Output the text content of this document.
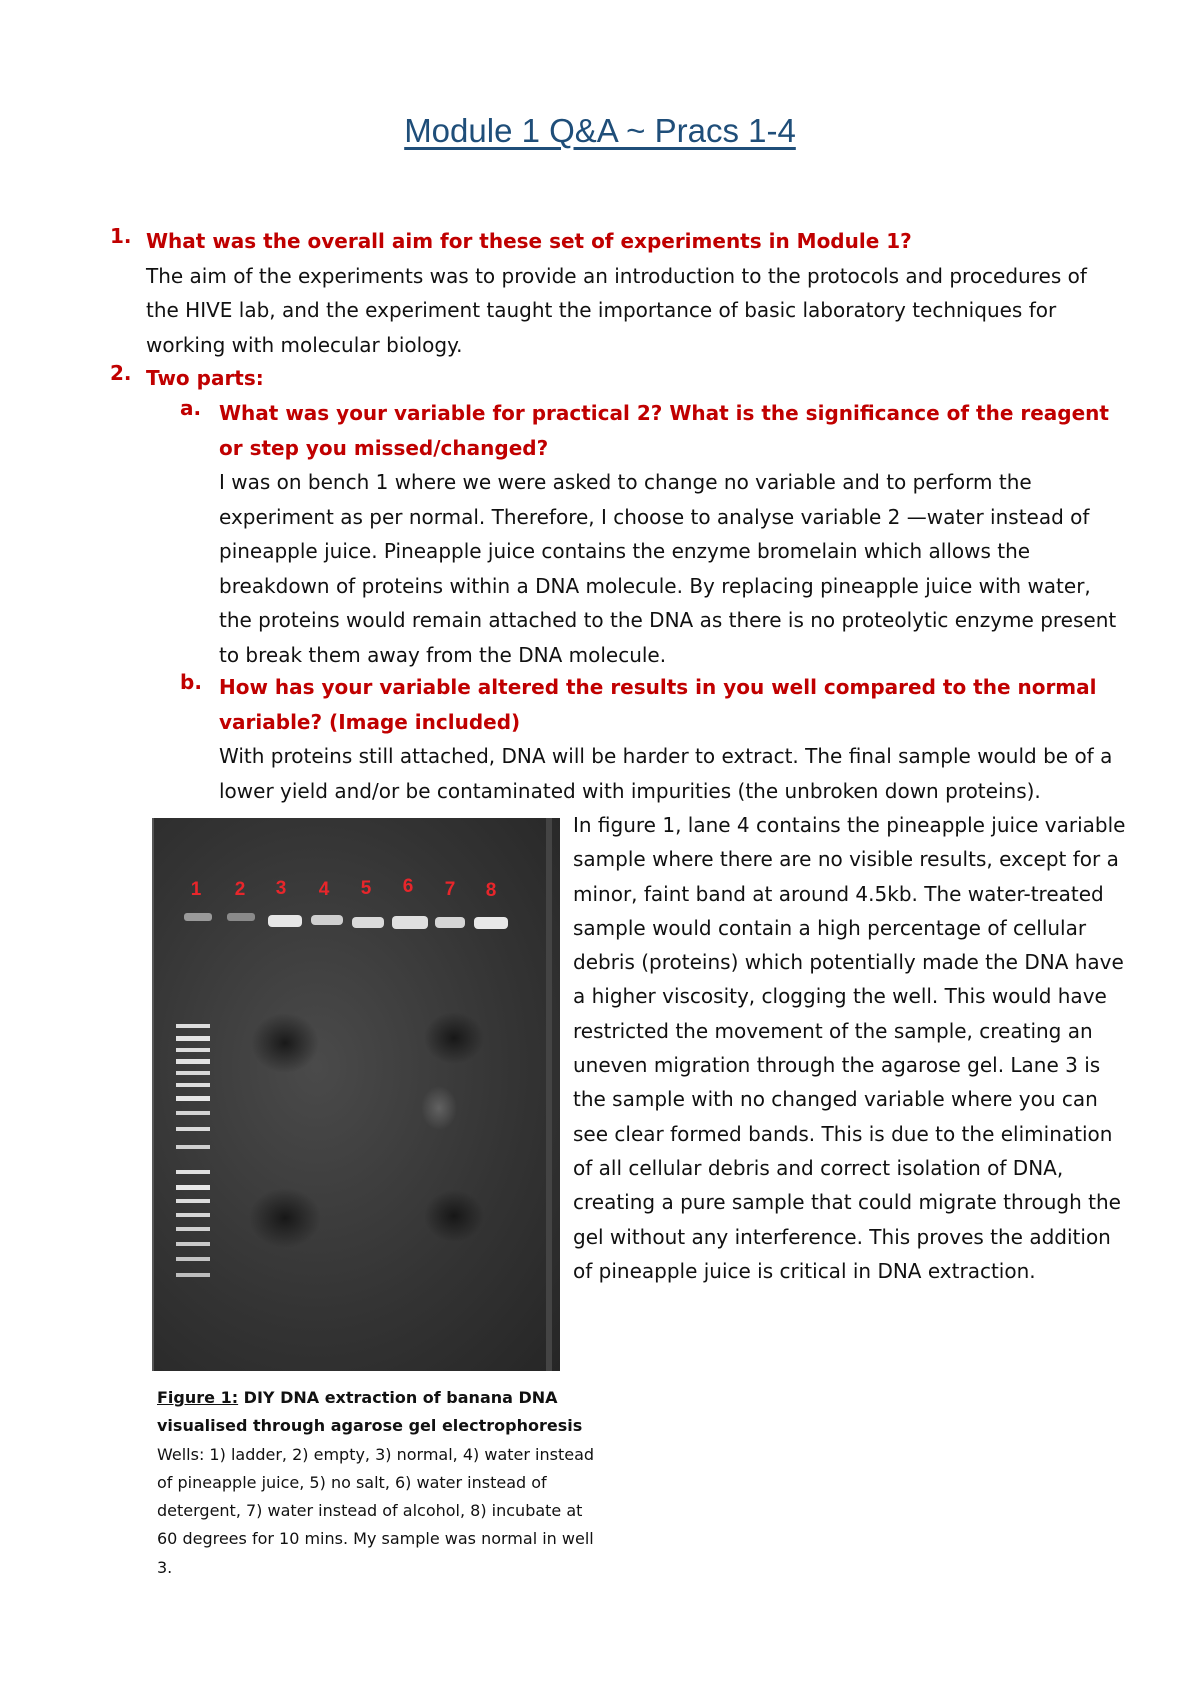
Module 1 Q&A ~ Pracs 1-4
1. What was the overall aim for these set of experiments in Module 1?
The aim of the experiments was to provide an introduction to the protocols and procedures of the HIVE lab, and the experiment taught the importance of basic laboratory techniques for working with molecular biology.
2. Two parts:
a. What was your variable for practical 2? What is the significance of the reagent or step you missed/changed?
I was on bench 1 where we were asked to change no variable and to perform the experiment as per normal. Therefore, I choose to analyse variable 2 —water instead of pineapple juice. Pineapple juice contains the enzyme bromelain which allows the breakdown of proteins within a DNA molecule. By replacing pineapple juice with water, the proteins would remain attached to the DNA as there is no proteolytic enzyme present to break them away from the DNA molecule.
b. How has your variable altered the results in you well compared to the normal variable? (Image included)
With proteins still attached, DNA will be harder to extract. The final sample would be of a lower yield and/or be contaminated with impurities (the unbroken down proteins).
1 2 3 4 5 6 7 8
In figure 1, lane 4 contains the pineapple juice variable sample where there are no visible results, except for a minor, faint band at around 4.5kb. The water-treated sample would contain a high percentage of cellular debris (proteins) which potentially made the DNA have a higher viscosity, clogging the well. This would have restricted the movement of the sample, creating an uneven migration through the agarose gel. Lane 3 is the sample with no changed variable where you can see clear formed bands. This is due to the elimination of all cellular debris and correct isolation of DNA, creating a pure sample that could migrate through the gel without any interference. This proves the addition of pineapple juice is critical in DNA extraction.
Figure 1: DIY DNA extraction of banana DNA visualised through agarose gel electrophoresis
Wells: 1) ladder, 2) empty, 3) normal, 4) water instead of pineapple juice, 5) no salt, 6) water instead of detergent, 7) water instead of alcohol, 8) incubate at 60 degrees for 10 mins. My sample was normal in well 3.
